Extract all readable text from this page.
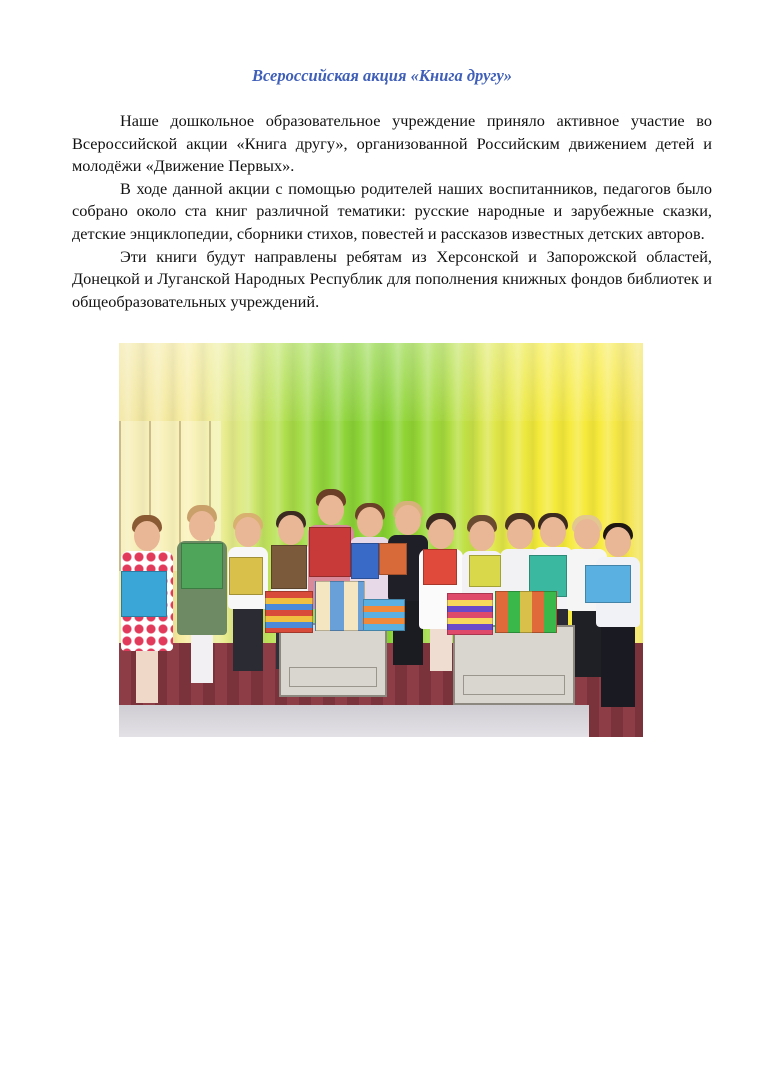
Всероссийская акция «Книга другу»

Наше дошкольное образовательное учреждение приняло активное участие во Всероссийской акции «Книга другу», организованной Российским движением детей и молодёжи «Движение Первых».

В ходе данной акции с помощью родителей наших воспитанников, педагогов было собрано около ста книг различной тематики: русские народные и зарубежные сказки, детские энциклопедии, сборники стихов, повестей и рассказов известных детских авторов.

Эти книги будут направлены ребятам из Херсонской и Запорожской областей, Донецкой и Луганской Народных Республик для пополнения книжных фондов библиотек и общеобразовательных учреждений.
